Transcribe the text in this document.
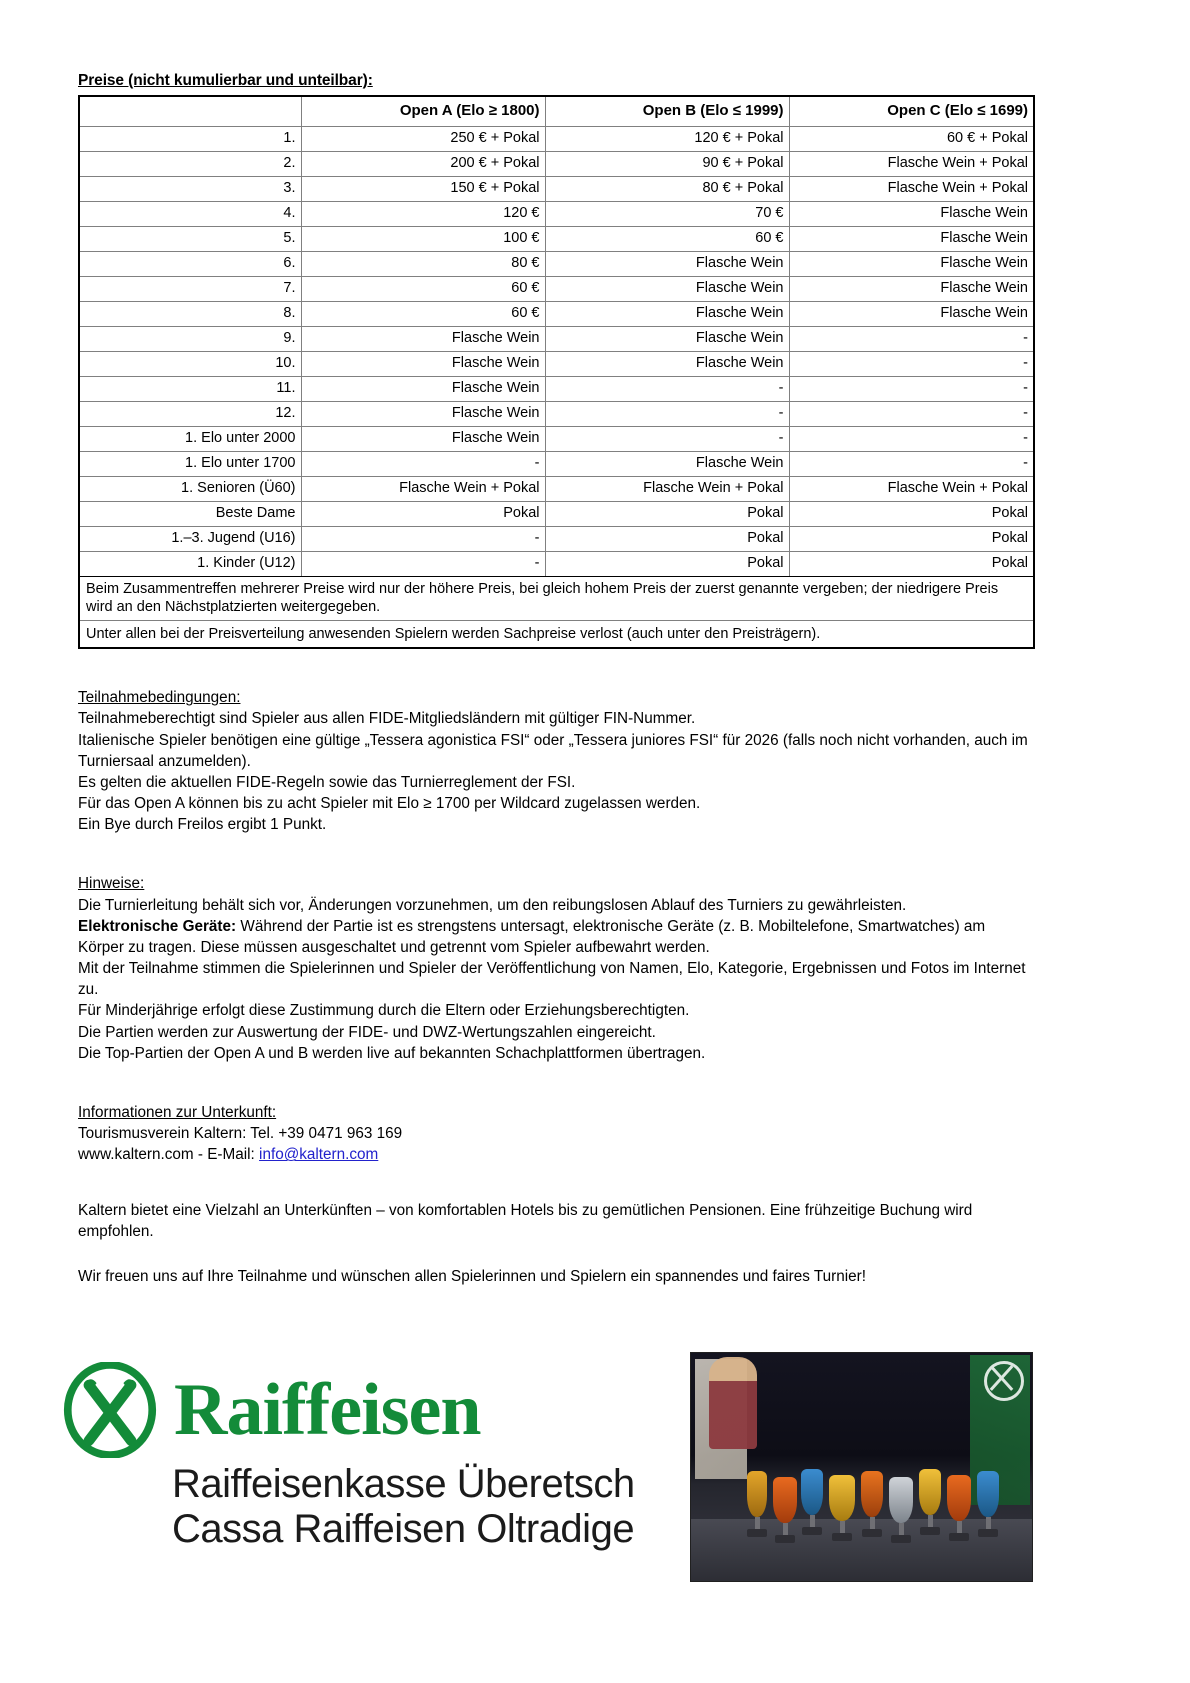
Preise (nicht kumulierbar und unteilbar):
	Open A (Elo ≥ 1800)	Open B (Elo ≤ 1999)	Open C (Elo ≤ 1699)
1.	250 € + Pokal	120 € + Pokal	60 € + Pokal
2.	200 € + Pokal	90 € + Pokal	Flasche Wein + Pokal
3.	150 € + Pokal	80 € + Pokal	Flasche Wein + Pokal
4.	120 €	70 €	Flasche Wein
5.	100 €	60 €	Flasche Wein
6.	80 €	Flasche Wein	Flasche Wein
7.	60 €	Flasche Wein	Flasche Wein
8.	60 €	Flasche Wein	Flasche Wein
9.	Flasche Wein	Flasche Wein	-
10.	Flasche Wein	Flasche Wein	-
11.	Flasche Wein	-	-
12.	Flasche Wein	-	-
1. Elo unter 2000	Flasche Wein	-	-
1. Elo unter 1700	-	Flasche Wein	-
1. Senioren (Ü60)	Flasche Wein + Pokal	Flasche Wein + Pokal	Flasche Wein + Pokal
Beste Dame	Pokal	Pokal	Pokal
1.–3. Jugend (U16)	-	Pokal	Pokal
1. Kinder (U12)	-	Pokal	Pokal
Beim Zusammentreffen mehrerer Preise wird nur der höhere Preis, bei gleich hohem Preis der zuerst genannte vergeben; der niedrigere Preis wird an den Nächstplatzierten weitergegeben.			
Unter allen bei der Preisverteilung anwesenden Spielern werden Sachpreise verlost (auch unter den Preisträgern).			

Teilnahmebedingungen:

Teilnahmeberechtigt sind Spieler aus allen FIDE-Mitgliedsländern mit gültiger FIN-Nummer.

Italienische Spieler benötigen eine gültige „Tessera agonistica FSI“ oder „Tessera juniores FSI“ für 2026 (falls noch nicht vorhanden, auch im Turniersaal anzumelden).

Es gelten die aktuellen FIDE-Regeln sowie das Turnierreglement der FSI.

Für das Open A können bis zu acht Spieler mit Elo ≥ 1700 per Wildcard zugelassen werden.

Ein Bye durch Freilos ergibt 1 Punkt.

Hinweise:

Die Turnierleitung behält sich vor, Änderungen vorzunehmen, um den reibungslosen Ablauf des Turniers zu gewährleisten.

Elektronische Geräte: Während der Partie ist es strengstens untersagt, elektronische Geräte (z. B. Mobiltelefone, Smartwatches) am Körper zu tragen. Diese müssen ausgeschaltet und getrennt vom Spieler aufbewahrt werden.

Mit der Teilnahme stimmen die Spielerinnen und Spieler der Veröffentlichung von Namen, Elo, Kategorie, Ergebnissen und Fotos im Internet zu.

Für Minderjährige erfolgt diese Zustimmung durch die Eltern oder Erziehungsberechtigten.

Die Partien werden zur Auswertung der FIDE- und DWZ-Wertungszahlen eingereicht.

Die Top-Partien der Open A und B werden live auf bekannten Schachplattformen übertragen.

Informationen zur Unterkunft:

Tourismusverein Kaltern: Tel. +39 0471 963 169

www.kaltern.com - E-Mail: info@kaltern.com

Kaltern bietet eine Vielzahl an Unterkünften – von komfortablen Hotels bis zu gemütlichen Pensionen. Eine frühzeitige Buchung wird empfohlen.

Wir freuen uns auf Ihre Teilnahme und wünschen allen Spielerinnen und Spielern ein spannendes und faires Turnier!

Raiffeisen
Raiffeisenkasse Überetsch
Cassa Raiffeisen Oltradige
